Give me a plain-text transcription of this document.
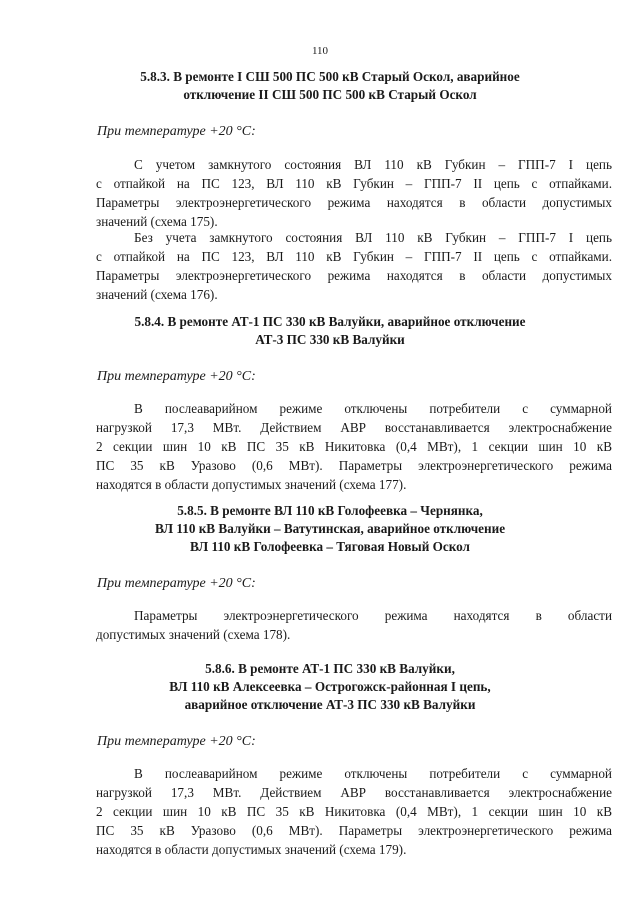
110
5.8.3. В ремонте I СШ 500 ПС 500 кВ Старый Оскол, аварийное
отключение II СШ 500 ПС 500 кВ Старый Оскол
При температуре +20 °С:
С учетом замкнутого состояния ВЛ 110 кВ Губкин – ГПП-7 I цепь
с отпайкой на ПС 123, ВЛ 110 кВ Губкин – ГПП-7 II цепь с отпайками.
Параметры электроэнергетического режима находятся в области допустимых
значений (схема 175).
Без учета замкнутого состояния ВЛ 110 кВ Губкин – ГПП-7 I цепь
с отпайкой на ПС 123, ВЛ 110 кВ Губкин – ГПП-7 II цепь с отпайками.
Параметры электроэнергетического режима находятся в области допустимых
значений (схема 176).
5.8.4. В ремонте АТ-1 ПС 330 кВ Валуйки, аварийное отключение
АТ-3 ПС 330 кВ Валуйки
При температуре +20 °С:
В послеаварийном режиме отключены потребители с суммарной
нагрузкой 17,3 МВт. Действием АВР восстанавливается электроснабжение
2 секции шин 10 кВ ПС 35 кВ Никитовка (0,4 МВт), 1 секции шин 10 кВ
ПС 35 кВ Уразово (0,6 МВт). Параметры электроэнергетического режима
находятся в области допустимых значений (схема 177).
5.8.5. В ремонте ВЛ 110 кВ Голофеевка – Чернянка,
ВЛ 110 кВ Валуйки – Ватутинская, аварийное отключение
ВЛ 110 кВ Голофеевка – Тяговая Новый Оскол
При температуре +20 °С:
Параметры электроэнергетического режима находятся в области
допустимых значений (схема 178).
5.8.6. В ремонте АТ-1 ПС 330 кВ Валуйки,
ВЛ 110 кВ Алексеевка – Острогожск-районная I цепь,
аварийное отключение АТ-3 ПС 330 кВ Валуйки
При температуре +20 °С:
В послеаварийном режиме отключены потребители с суммарной
нагрузкой 17,3 МВт. Действием АВР восстанавливается электроснабжение
2 секции шин 10 кВ ПС 35 кВ Никитовка (0,4 МВт), 1 секции шин 10 кВ
ПС 35 кВ Уразово (0,6 МВт). Параметры электроэнергетического режима
находятся в области допустимых значений (схема 179).
